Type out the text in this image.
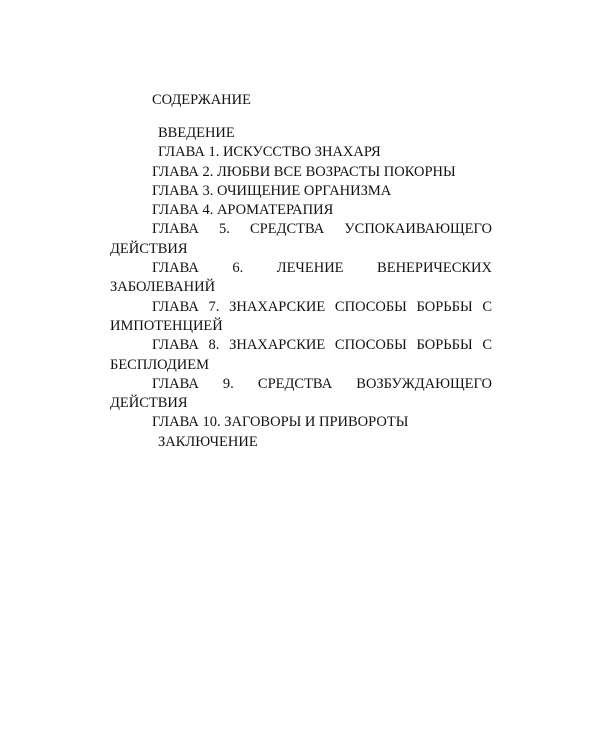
СОДЕРЖАНИЕ

ВВЕДЕНИЕ

ГЛАВА 1. ИСКУССТВО ЗНАХАРЯ

ГЛАВА 2. ЛЮБВИ ВСЕ ВОЗРАСТЫ ПОКОРНЫ

ГЛАВА 3. ОЧИЩЕНИЕ ОРГАНИЗМА

ГЛАВА 4. АРОМАТЕРАПИЯ

ГЛАВА 5. СРЕДСТВА УСПОКАИВАЮЩЕГО ДЕЙСТВИЯ

ГЛАВА 6. ЛЕЧЕНИЕ ВЕНЕРИЧЕСКИХ ЗАБОЛЕВАНИЙ

ГЛАВА 7. ЗНАХАРСКИЕ СПОСОБЫ БОРЬБЫ С ИМПОТЕНЦИЕЙ

ГЛАВА 8. ЗНАХАРСКИЕ СПОСОБЫ БОРЬБЫ С БЕСПЛОДИЕМ

ГЛАВА 9. СРЕДСТВА ВОЗБУЖДАЮЩЕГО ДЕЙСТВИЯ

ГЛАВА 10. ЗАГОВОРЫ И ПРИВОРОТЫ

ЗАКЛЮЧЕНИЕ
